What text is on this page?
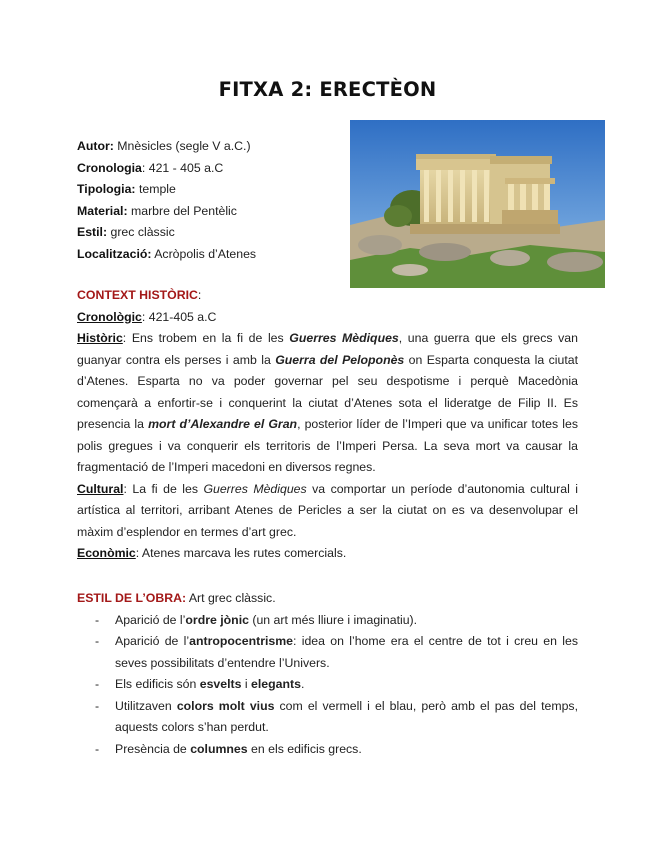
FITXA 2: ERECTÈON
Autor: Mnèsicles (segle V a.C.)
Cronologia: 421 - 405 a.C
Tipologia: temple
Material: marbre del Pentèlic
Estil: grec clàssic
Localització: Acròpolis d’Atenes
CONTEXT HISTÒRIC:
Cronològic: 421-405 a.C
Històric: Ens trobem en la fi de les Guerres Mèdiques, una guerra que els grecs van guanyar contra els perses i amb la Guerra del Peloponès on Esparta conquesta la ciutat d’Atenes. Esparta no va poder governar pel seu despotisme i perquè Macedònia començarà a enfortir-se i conquerint la ciutat d’Atenes sota el lideratge de Filip II. Es presencia la mort d’Alexandre el Gran, posterior líder de l’Imperi que va unificar totes les polis gregues i va conquerir els territoris de l’Imperi Persa. La seva mort va causar la fragmentació de l’Imperi macedoni en diversos regnes.
Cultural: La fi de les Guerres Mèdiques va comportar un període d’autonomia cultural i artística al territori, arribant Atenes de Pericles a ser la ciutat on es va desenvolupar el màxim d’esplendor en termes d’art grec.
Econòmic: Atenes marcava les rutes comercials.
ESTIL DE L’OBRA: Art grec clàssic.
- Aparició de l’ordre jònic (un art més lliure i imaginatiu).
- Aparició de l’antropocentrisme: idea on l’home era el centre de tot i creu en les seves possibilitats d’entendre l’Univers.
- Els edificis són esvelts i elegants.
- Utilitzaven colors molt vius com el vermell i el blau, però amb el pas del temps, aquests colors s’han perdut.
- Presència de columnes en els edificis grecs.
